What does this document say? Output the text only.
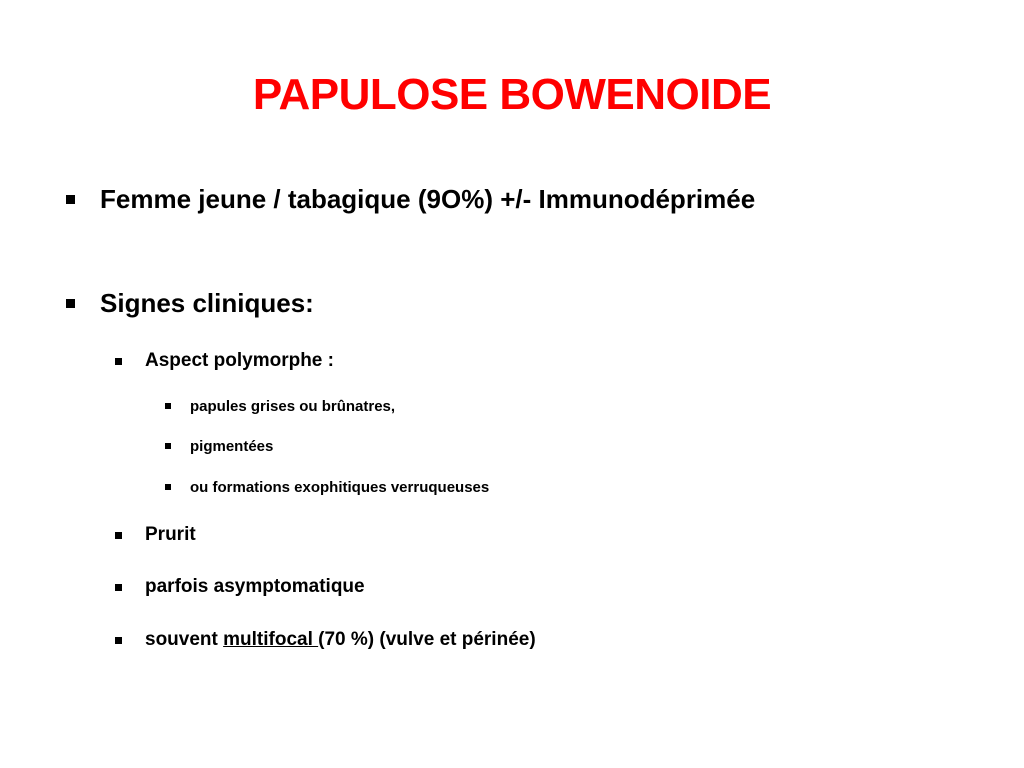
PAPULOSE BOWENOIDE
Femme jeune / tabagique (9O%) +/- Immunodéprimée
Signes cliniques:
Aspect polymorphe :
papules grises ou brûnatres,
pigmentées
ou formations exophitiques verruqueuses
Prurit
parfois asymptomatique
souvent multifocal (70 %) (vulve et périnée)
